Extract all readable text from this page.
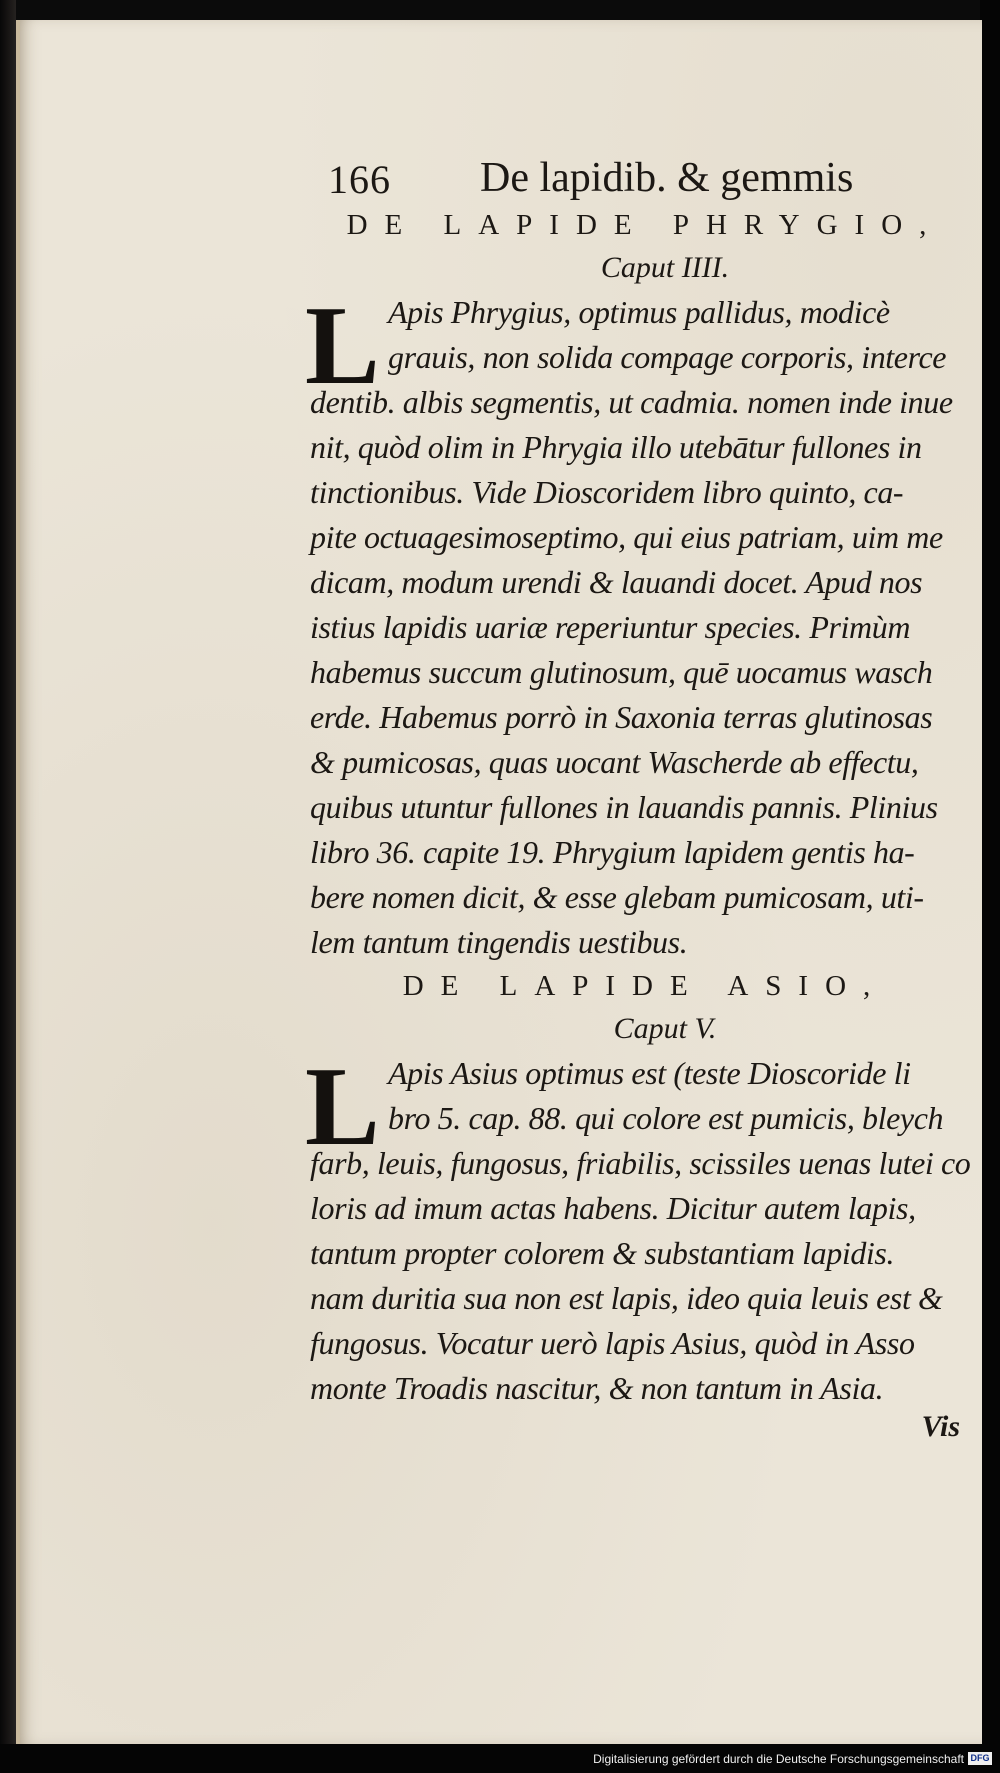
166 De lapidib. & gemmis
DE LAPIDE PHRYGIO,
Caput IIII.
L Apis Phrygius, optimus pallidus, modicè
grauis, non solida compage corporis, interce
dentib. albis segmentis, ut cadmia. nomen inde inue
nit, quòd olim in Phrygia illo utebātur fullones in
tinctionibus. Vide Dioscoridem libro quinto, ca-
pite octuagesimoseptimo, qui eius patriam, uim me
dicam, modum urendi & lauandi docet. Apud nos
istius lapidis uariæ reperiuntur species. Primùm
habemus succum glutinosum, quē uocamus wasch
erde. Habemus porrò in Saxonia terras glutinosas
& pumicosas, quas uocant Wascherde ab effectu,
quibus utuntur fullones in lauandis pannis. Plinius
libro 36. capite 19. Phrygium lapidem gentis ha-
bere nomen dicit, & esse glebam pumicosam, uti-
lem tantum tingendis uestibus.
DE LAPIDE ASIO,
Caput V.
L Apis Asius optimus est (teste Dioscoride li
bro 5. cap. 88. qui colore est pumicis, bleych
farb, leuis, fungosus, friabilis, scissiles uenas lutei co
loris ad imum actas habens. Dicitur autem lapis,
tantum propter colorem & substantiam lapidis.
nam duritia sua non est lapis, ideo quia leuis est &
fungosus. Vocatur uerò lapis Asius, quòd in Asso
monte Troadis nascitur, & non tantum in Asia.
Vis
Digitalisierung gefördert durch die Deutsche Forschungsgemeinschaft DFG
